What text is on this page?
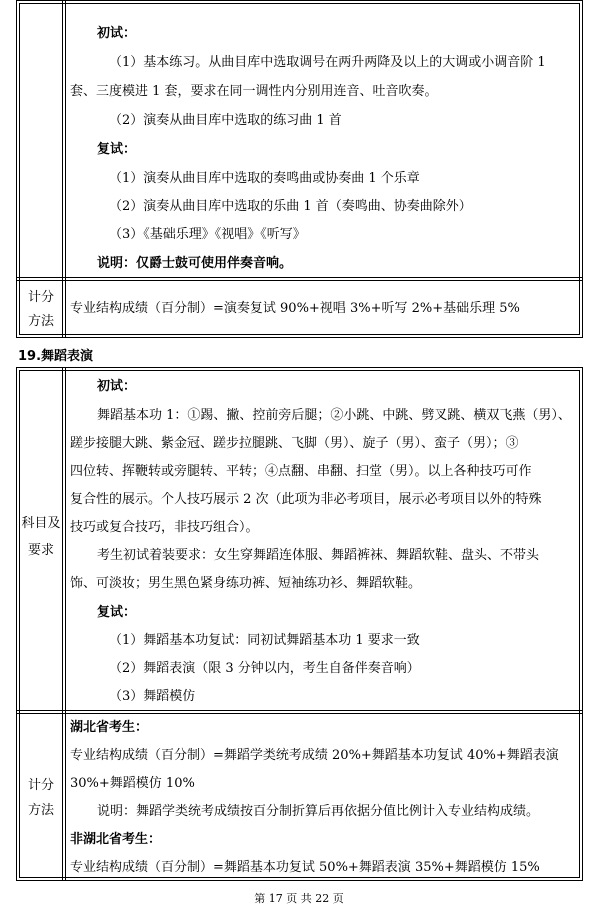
初试：
（1）基本练习。从曲目库中选取调号在两升两降及以上的大调或小调音阶 1
套、三度模进 1 套，要求在同一调性内分别用连音、吐音吹奏。
（2）演奏从曲目库中选取的练习曲 1 首
复试：
（1）演奏从曲目库中选取的奏鸣曲或协奏曲 1 个乐章
（2）演奏从曲目库中选取的乐曲 1 首（奏鸣曲、协奏曲除外）
（3）《基础乐理》《视唱》《听写》
说明：仅爵士鼓可使用伴奏音响。
计分
方法
专业结构成绩（百分制）=演奏复试 90%+视唱 3%+听写 2%+基础乐理 5%
19.舞蹈表演
科目及
要求
初试：
舞蹈基本功 1：①踢、撇、控前旁后腿；②小跳、中跳、劈叉跳、横双飞燕（男）、
蹉步接腿大跳、紫金冠、蹉步拉腿跳、飞脚（男）、旋子（男）、蛮子（男）；③
四位转、挥鞭转或旁腿转、平转；④点翻、串翻、扫堂（男）。以上各种技巧可作
复合性的展示。个人技巧展示 2 次（此项为非必考项目，展示必考项目以外的特殊
技巧或复合技巧，非技巧组合）。
考生初试着装要求：女生穿舞蹈连体服、舞蹈裤袜、舞蹈软鞋、盘头、不带头
饰、可淡妆；男生黑色紧身练功裤、短袖练功衫、舞蹈软鞋。
复试：
（1）舞蹈基本功复试：同初试舞蹈基本功 1 要求一致
（2）舞蹈表演（限 3 分钟以内，考生自备伴奏音响）
（3）舞蹈模仿
计分
方法
湖北省考生：
专业结构成绩（百分制）=舞蹈学类统考成绩 20%+舞蹈基本功复试 40%+舞蹈表演
30%+舞蹈模仿 10%
说明：舞蹈学类统考成绩按百分制折算后再依据分值比例计入专业结构成绩。
非湖北省考生：
专业结构成绩（百分制）=舞蹈基本功复试 50%+舞蹈表演 35%+舞蹈模仿 15%
第 17 页 共 22 页
